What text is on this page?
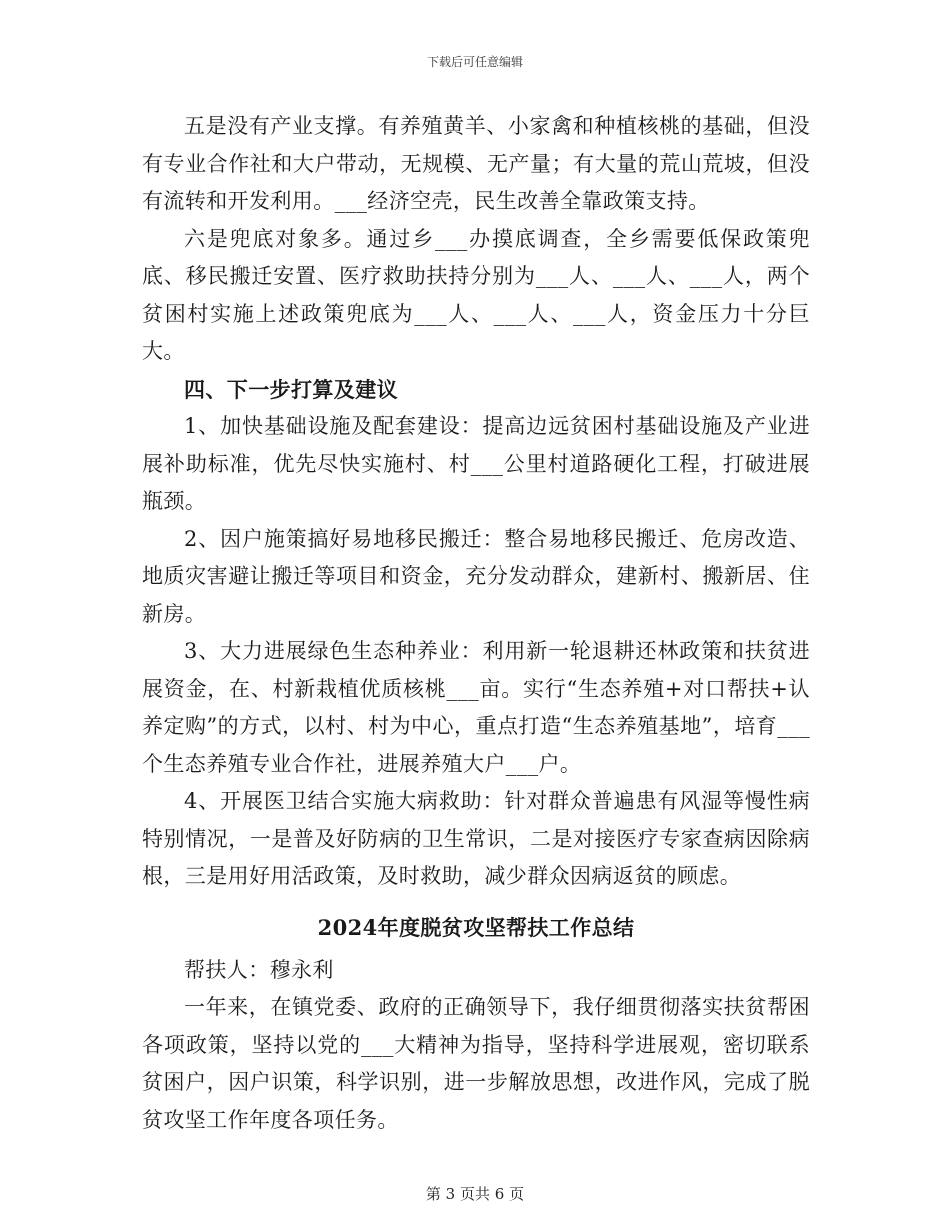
下载后可任意编辑

五是没有产业支撑。有养殖黄羊、小家禽和种植核桃的基础，但没有专业合作社和大户带动，无规模、无产量；有大量的荒山荒坡，但没有流转和开发利用。___经济空壳，民生改善全靠政策支持。

六是兜底对象多。通过乡___办摸底调查，全乡需要低保政策兜底、移民搬迁安置、医疗救助扶持分别为___人、___人、___人，两个贫困村实施上述政策兜底为___人、___人、___人，资金压力十分巨大。

四、下一步打算及建议

1、加快基础设施及配套建设：提高边远贫困村基础设施及产业进展补助标准，优先尽快实施村、村___公里村道路硬化工程，打破进展瓶颈。

2、因户施策搞好易地移民搬迁：整合易地移民搬迁、危房改造、地质灾害避让搬迁等项目和资金，充分发动群众，建新村、搬新居、住新房。

3、大力进展绿色生态种养业：利用新一轮退耕还林政策和扶贫进展资金，在、村新栽植优质核桃___亩。实行“生态养殖+对口帮扶+认养定购”的方式，以村、村为中心，重点打造“生态养殖基地”，培育___个生态养殖专业合作社，进展养殖大户___户。

4、开展医卫结合实施大病救助：针对群众普遍患有风湿等慢性病特别情况，一是普及好防病的卫生常识，二是对接医疗专家查病因除病根，三是用好用活政策，及时救助，减少群众因病返贫的顾虑。

2024年度脱贫攻坚帮扶工作总结

帮扶人：穆永利

一年来，在镇党委、政府的正确领导下，我仔细贯彻落实扶贫帮困各项政策，坚持以党的___大精神为指导，坚持科学进展观，密切联系贫困户，因户识策，科学识别，进一步解放思想，改进作风，完成了脱贫攻坚工作年度各项任务。

第 3 页共 6 页
